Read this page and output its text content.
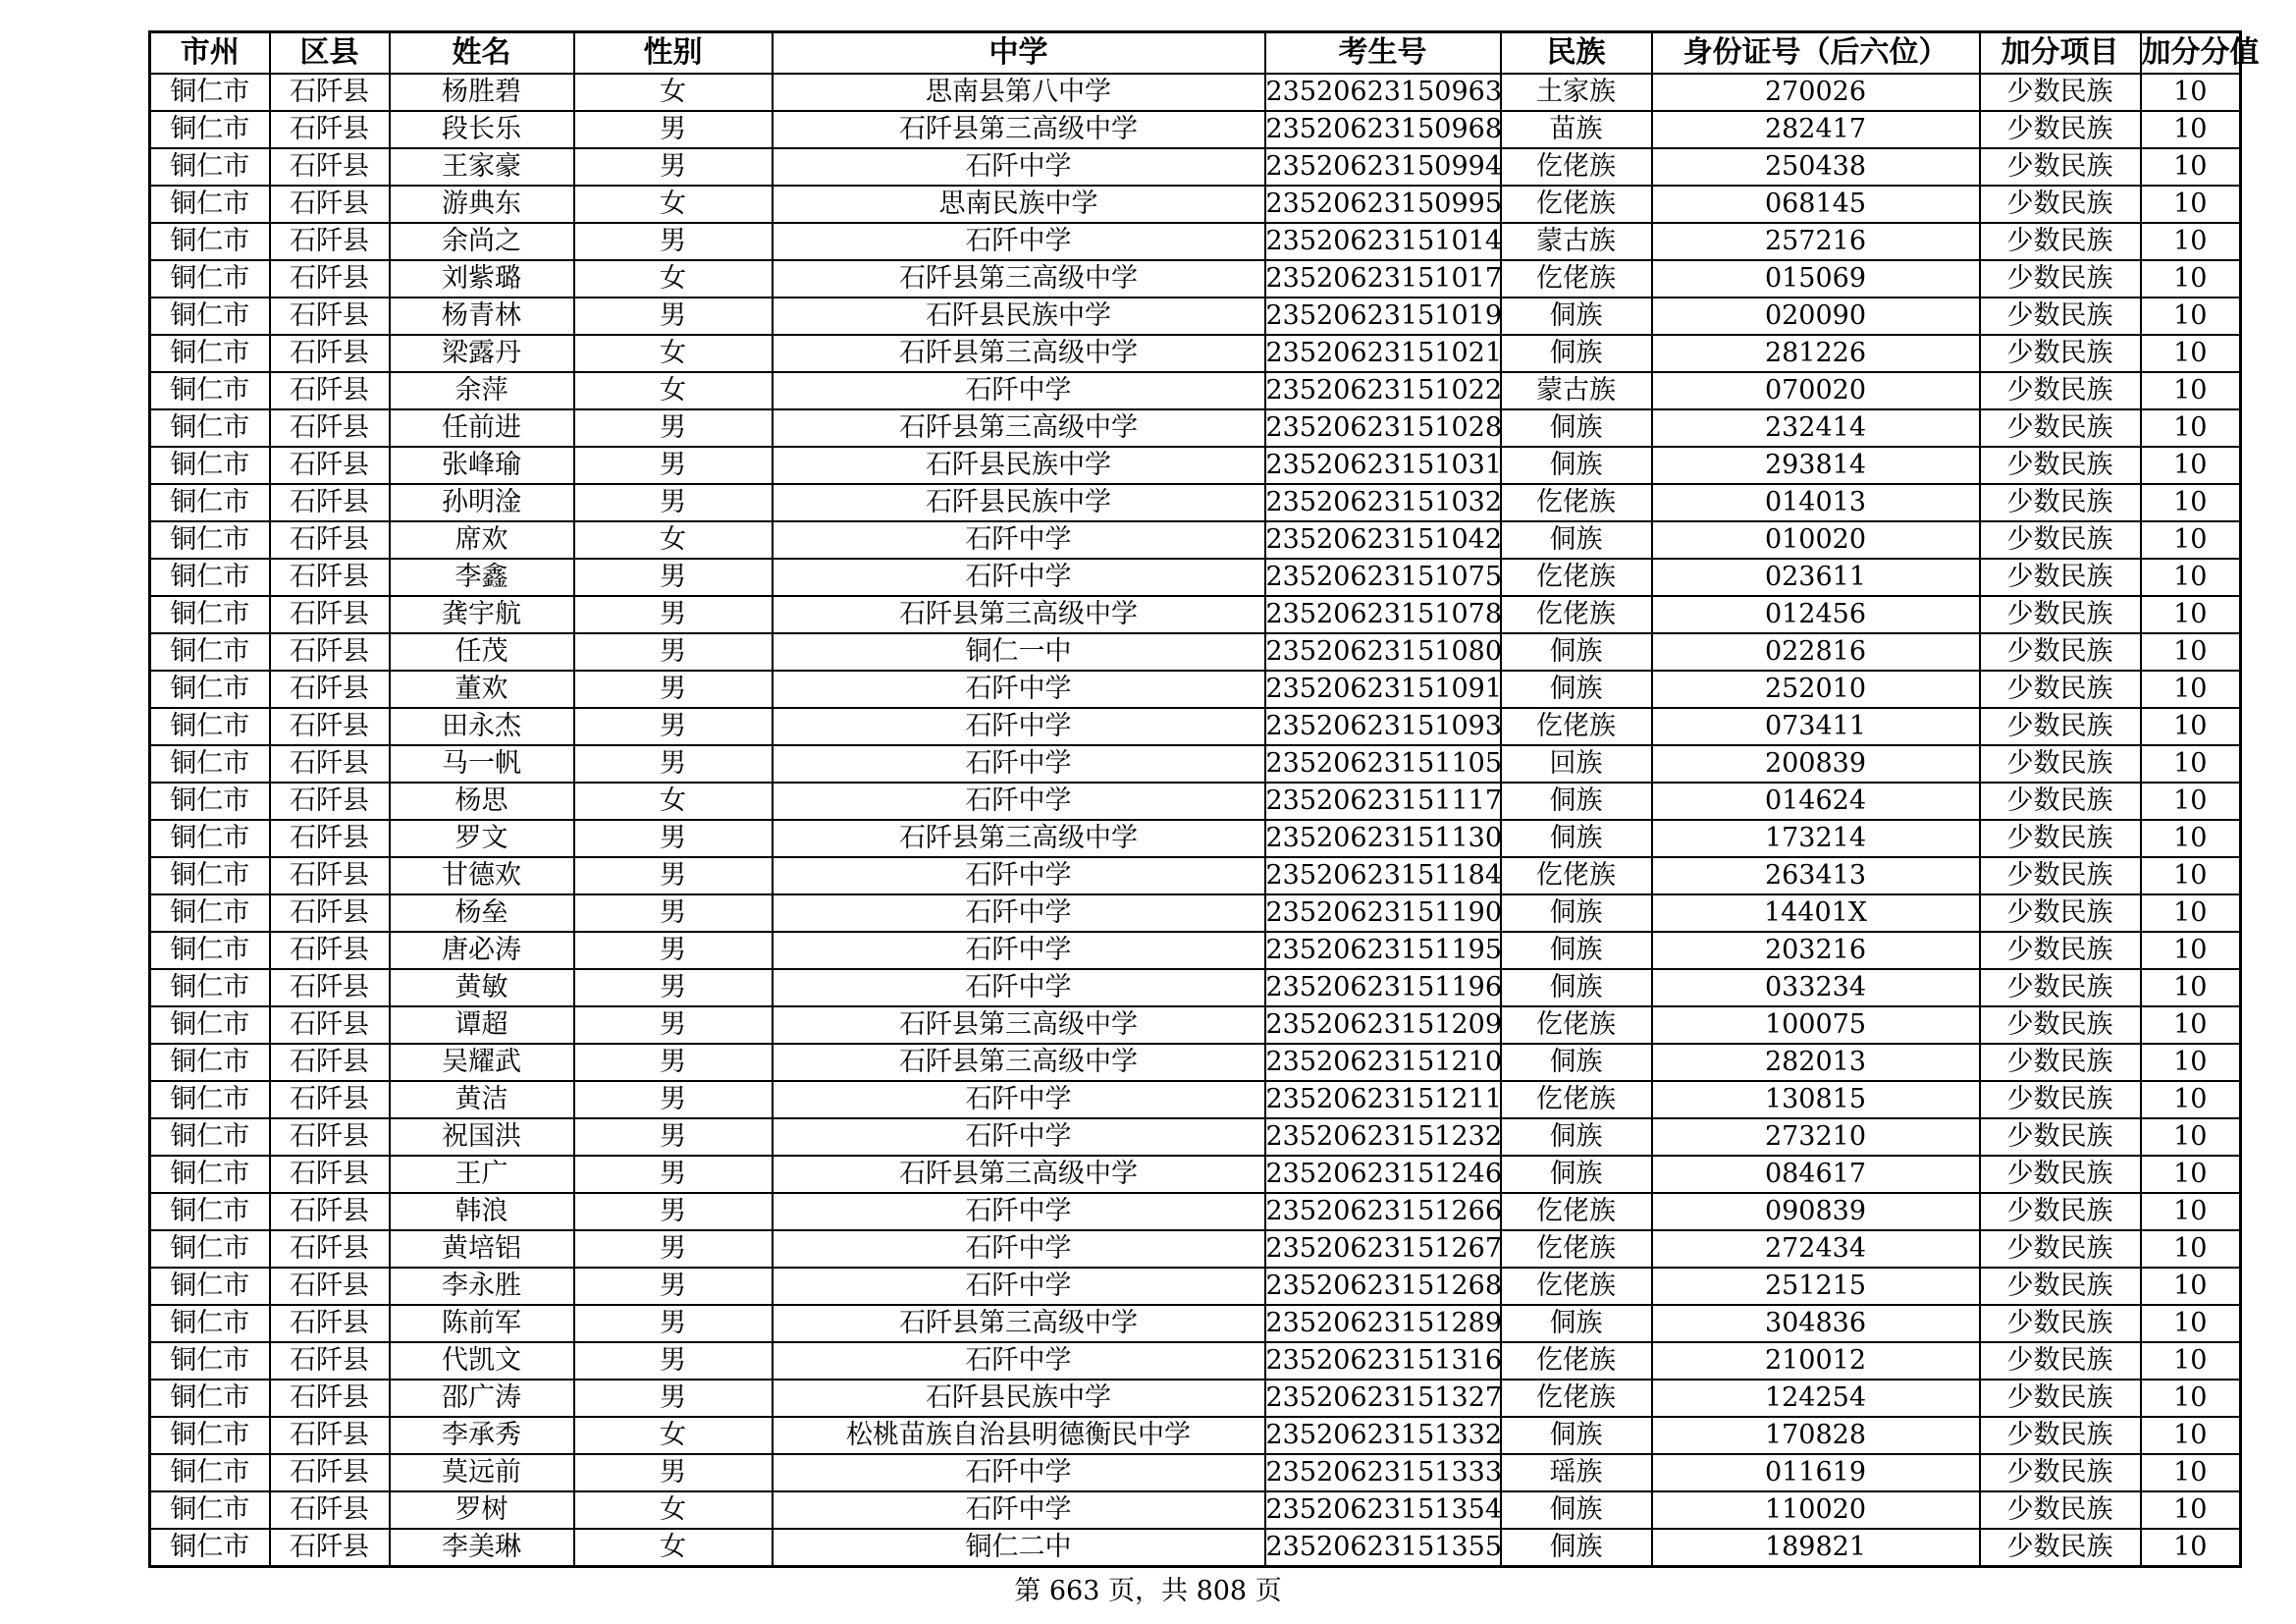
市州	区县	姓名	性别	中学	考生号	民族	身份证号（后六位）	加分项目	加分分值
铜仁市	石阡县	杨胜碧	女	思南县第八中学	23520623150963	土家族	270026	少数民族	10
铜仁市	石阡县	段长乐	男	石阡县第三高级中学	23520623150968	苗族	282417	少数民族	10
铜仁市	石阡县	王家豪	男	石阡中学	23520623150994	仡佬族	250438	少数民族	10
铜仁市	石阡县	游典东	女	思南民族中学	23520623150995	仡佬族	068145	少数民族	10
铜仁市	石阡县	余尚之	男	石阡中学	23520623151014	蒙古族	257216	少数民族	10
铜仁市	石阡县	刘紫璐	女	石阡县第三高级中学	23520623151017	仡佬族	015069	少数民族	10
铜仁市	石阡县	杨青林	男	石阡县民族中学	23520623151019	侗族	020090	少数民族	10
铜仁市	石阡县	梁露丹	女	石阡县第三高级中学	23520623151021	侗族	281226	少数民族	10
铜仁市	石阡县	余萍	女	石阡中学	23520623151022	蒙古族	070020	少数民族	10
铜仁市	石阡县	任前进	男	石阡县第三高级中学	23520623151028	侗族	232414	少数民族	10
铜仁市	石阡县	张峰瑜	男	石阡县民族中学	23520623151031	侗族	293814	少数民族	10
铜仁市	石阡县	孙明淦	男	石阡县民族中学	23520623151032	仡佬族	014013	少数民族	10
铜仁市	石阡县	席欢	女	石阡中学	23520623151042	侗族	010020	少数民族	10
铜仁市	石阡县	李鑫	男	石阡中学	23520623151075	仡佬族	023611	少数民族	10
铜仁市	石阡县	龚宇航	男	石阡县第三高级中学	23520623151078	仡佬族	012456	少数民族	10
铜仁市	石阡县	任茂	男	铜仁一中	23520623151080	侗族	022816	少数民族	10
铜仁市	石阡县	董欢	男	石阡中学	23520623151091	侗族	252010	少数民族	10
铜仁市	石阡县	田永杰	男	石阡中学	23520623151093	仡佬族	073411	少数民族	10
铜仁市	石阡县	马一帆	男	石阡中学	23520623151105	回族	200839	少数民族	10
铜仁市	石阡县	杨思	女	石阡中学	23520623151117	侗族	014624	少数民族	10
铜仁市	石阡县	罗文	男	石阡县第三高级中学	23520623151130	侗族	173214	少数民族	10
铜仁市	石阡县	甘德欢	男	石阡中学	23520623151184	仡佬族	263413	少数民族	10
铜仁市	石阡县	杨垒	男	石阡中学	23520623151190	侗族	14401X	少数民族	10
铜仁市	石阡县	唐必涛	男	石阡中学	23520623151195	侗族	203216	少数民族	10
铜仁市	石阡县	黄敏	男	石阡中学	23520623151196	侗族	033234	少数民族	10
铜仁市	石阡县	谭超	男	石阡县第三高级中学	23520623151209	仡佬族	100075	少数民族	10
铜仁市	石阡县	吴耀武	男	石阡县第三高级中学	23520623151210	侗族	282013	少数民族	10
铜仁市	石阡县	黄洁	男	石阡中学	23520623151211	仡佬族	130815	少数民族	10
铜仁市	石阡县	祝国洪	男	石阡中学	23520623151232	侗族	273210	少数民族	10
铜仁市	石阡县	王广	男	石阡县第三高级中学	23520623151246	侗族	084617	少数民族	10
铜仁市	石阡县	韩浪	男	石阡中学	23520623151266	仡佬族	090839	少数民族	10
铜仁市	石阡县	黄培铝	男	石阡中学	23520623151267	仡佬族	272434	少数民族	10
铜仁市	石阡县	李永胜	男	石阡中学	23520623151268	仡佬族	251215	少数民族	10
铜仁市	石阡县	陈前军	男	石阡县第三高级中学	23520623151289	侗族	304836	少数民族	10
铜仁市	石阡县	代凯文	男	石阡中学	23520623151316	仡佬族	210012	少数民族	10
铜仁市	石阡县	邵广涛	男	石阡县民族中学	23520623151327	仡佬族	124254	少数民族	10
铜仁市	石阡县	李承秀	女	松桃苗族自治县明德衡民中学	23520623151332	侗族	170828	少数民族	10
铜仁市	石阡县	莫远前	男	石阡中学	23520623151333	瑶族	011619	少数民族	10
铜仁市	石阡县	罗树	女	石阡中学	23520623151354	侗族	110020	少数民族	10
铜仁市	石阡县	李美琳	女	铜仁二中	23520623151355	侗族	189821	少数民族	10
第 663 页，共 808 页
